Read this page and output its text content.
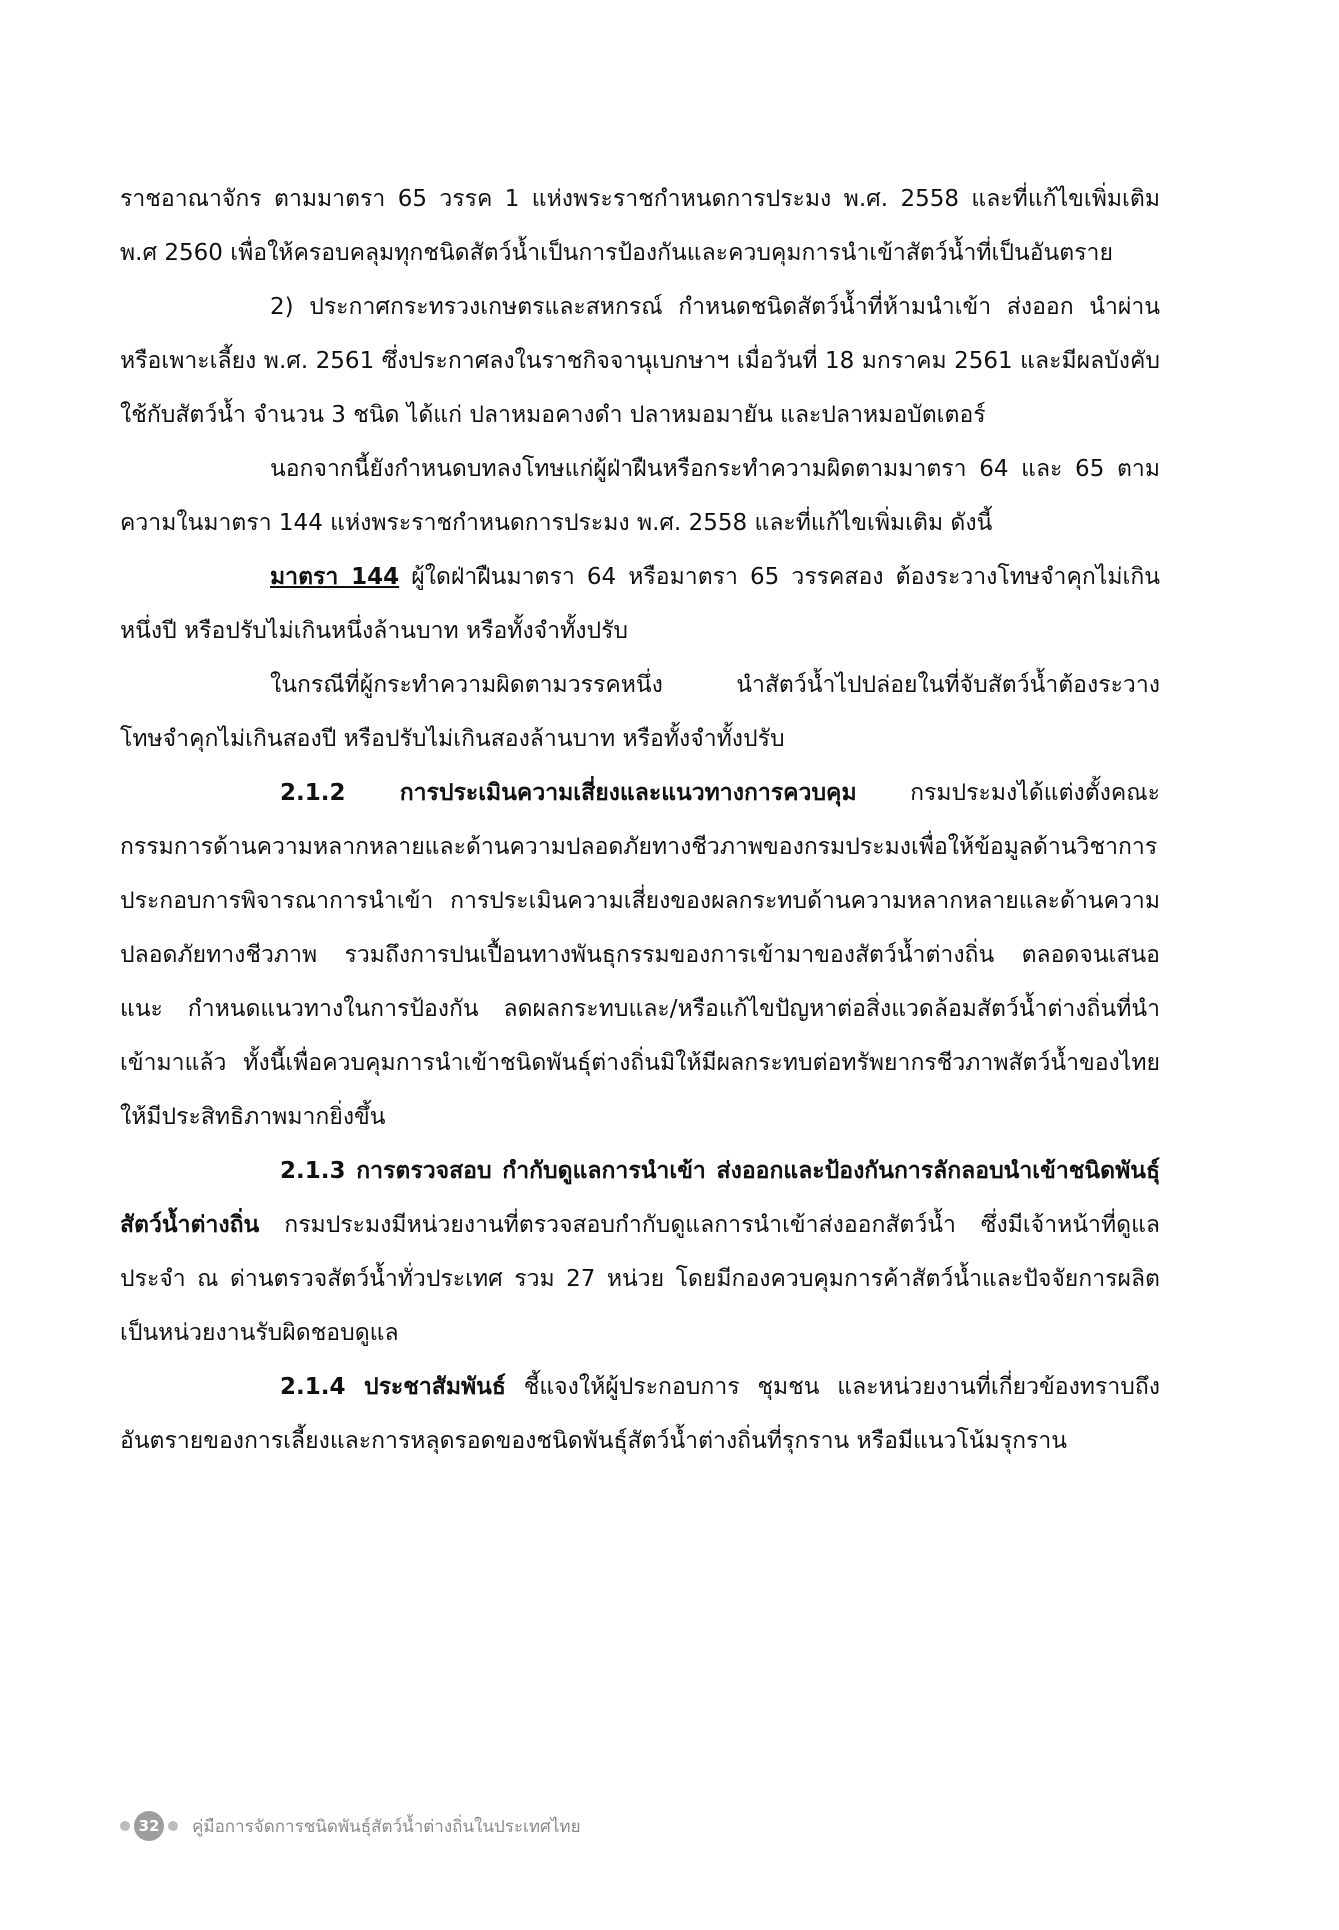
ราชอาณาจักร ตามมาตรา 65 วรรค 1 แห่งพระราชกำหนดการประมง พ.ศ. 2558 และที่แก้ไขเพิ่มเติม พ.ศ 2560 เพื่อให้ครอบคลุมทุกชนิดสัตว์น้ำเป็นการป้องกันและควบคุมการนำเข้าสัตว์น้ำที่เป็นอันตราย

2) ประกาศกระทรวงเกษตรและสหกรณ์ กำหนดชนิดสัตว์น้ำที่ห้ามนำเข้า ส่งออก นำผ่าน หรือเพาะเลี้ยง พ.ศ. 2561 ซึ่งประกาศลงในราชกิจจานุเบกษาฯ เมื่อวันที่ 18 มกราคม 2561 และมีผลบังคับใช้กับสัตว์น้ำ จำนวน 3 ชนิด ได้แก่ ปลาหมอคางดำ ปลาหมอมายัน และปลาหมอบัตเตอร์

นอกจากนี้ยังกำหนดบทลงโทษแก่ผู้ฝ่าฝืนหรือกระทำความผิดตามมาตรา 64 และ 65 ตามความในมาตรา 144 แห่งพระราชกำหนดการประมง พ.ศ. 2558 และที่แก้ไขเพิ่มเติม ดังนี้

มาตรา 144 ผู้ใดฝ่าฝืนมาตรา 64 หรือมาตรา 65 วรรคสอง ต้องระวางโทษจำคุกไม่เกินหนึ่งปี หรือปรับไม่เกินหนึ่งล้านบาท หรือทั้งจำทั้งปรับ

ในกรณีที่ผู้กระทำความผิดตามวรรคหนึ่ง นำสัตว์น้ำไปปล่อยในที่จับสัตว์น้ำต้องระวางโทษจำคุกไม่เกินสองปี หรือปรับไม่เกินสองล้านบาท หรือทั้งจำทั้งปรับ

2.1.2 การประเมินความเสี่ยงและแนวทางการควบคุม กรมประมงได้แต่งตั้งคณะกรรมการด้านความหลากหลายและด้านความปลอดภัยทางชีวภาพของกรมประมงเพื่อให้ข้อมูลด้านวิชาการประกอบการพิจารณาการนำเข้า การประเมินความเสี่ยงของผลกระทบด้านความหลากหลายและด้านความปลอดภัยทางชีวภาพ รวมถึงการปนเปื้อนทางพันธุกรรมของการเข้ามาของสัตว์น้ำต่างถิ่น ตลอดจนเสนอแนะ กำหนดแนวทางในการป้องกัน ลดผลกระทบและ/หรือแก้ไขปัญหาต่อสิ่งแวดล้อมสัตว์น้ำต่างถิ่นที่นำเข้ามาแล้ว ทั้งนี้เพื่อควบคุมการนำเข้าชนิดพันธุ์ต่างถิ่นมิให้มีผลกระทบต่อทรัพยากรชีวภาพสัตว์น้ำของไทยให้มีประสิทธิภาพมากยิ่งขึ้น

2.1.3 การตรวจสอบ กำกับดูแลการนำเข้า ส่งออกและป้องกันการลักลอบนำเข้าชนิดพันธุ์สัตว์น้ำต่างถิ่น กรมประมงมีหน่วยงานที่ตรวจสอบกำกับดูแลการนำเข้าส่งออกสัตว์น้ำ ซึ่งมีเจ้าหน้าที่ดูแลประจำ ณ ด่านตรวจสัตว์น้ำทั่วประเทศ รวม 27 หน่วย โดยมีกองควบคุมการค้าสัตว์น้ำและปัจจัยการผลิตเป็นหน่วยงานรับผิดชอบดูแล

2.1.4 ประชาสัมพันธ์ ชี้แจงให้ผู้ประกอบการ ชุมชน และหน่วยงานที่เกี่ยวข้องทราบถึงอันตรายของการเลี้ยงและการหลุดรอดของชนิดพันธุ์สัตว์น้ำต่างถิ่นที่รุกราน หรือมีแนวโน้มรุกราน

32 คู่มือการจัดการชนิดพันธุ์สัตว์น้ำต่างถิ่นในประเทศไทย
